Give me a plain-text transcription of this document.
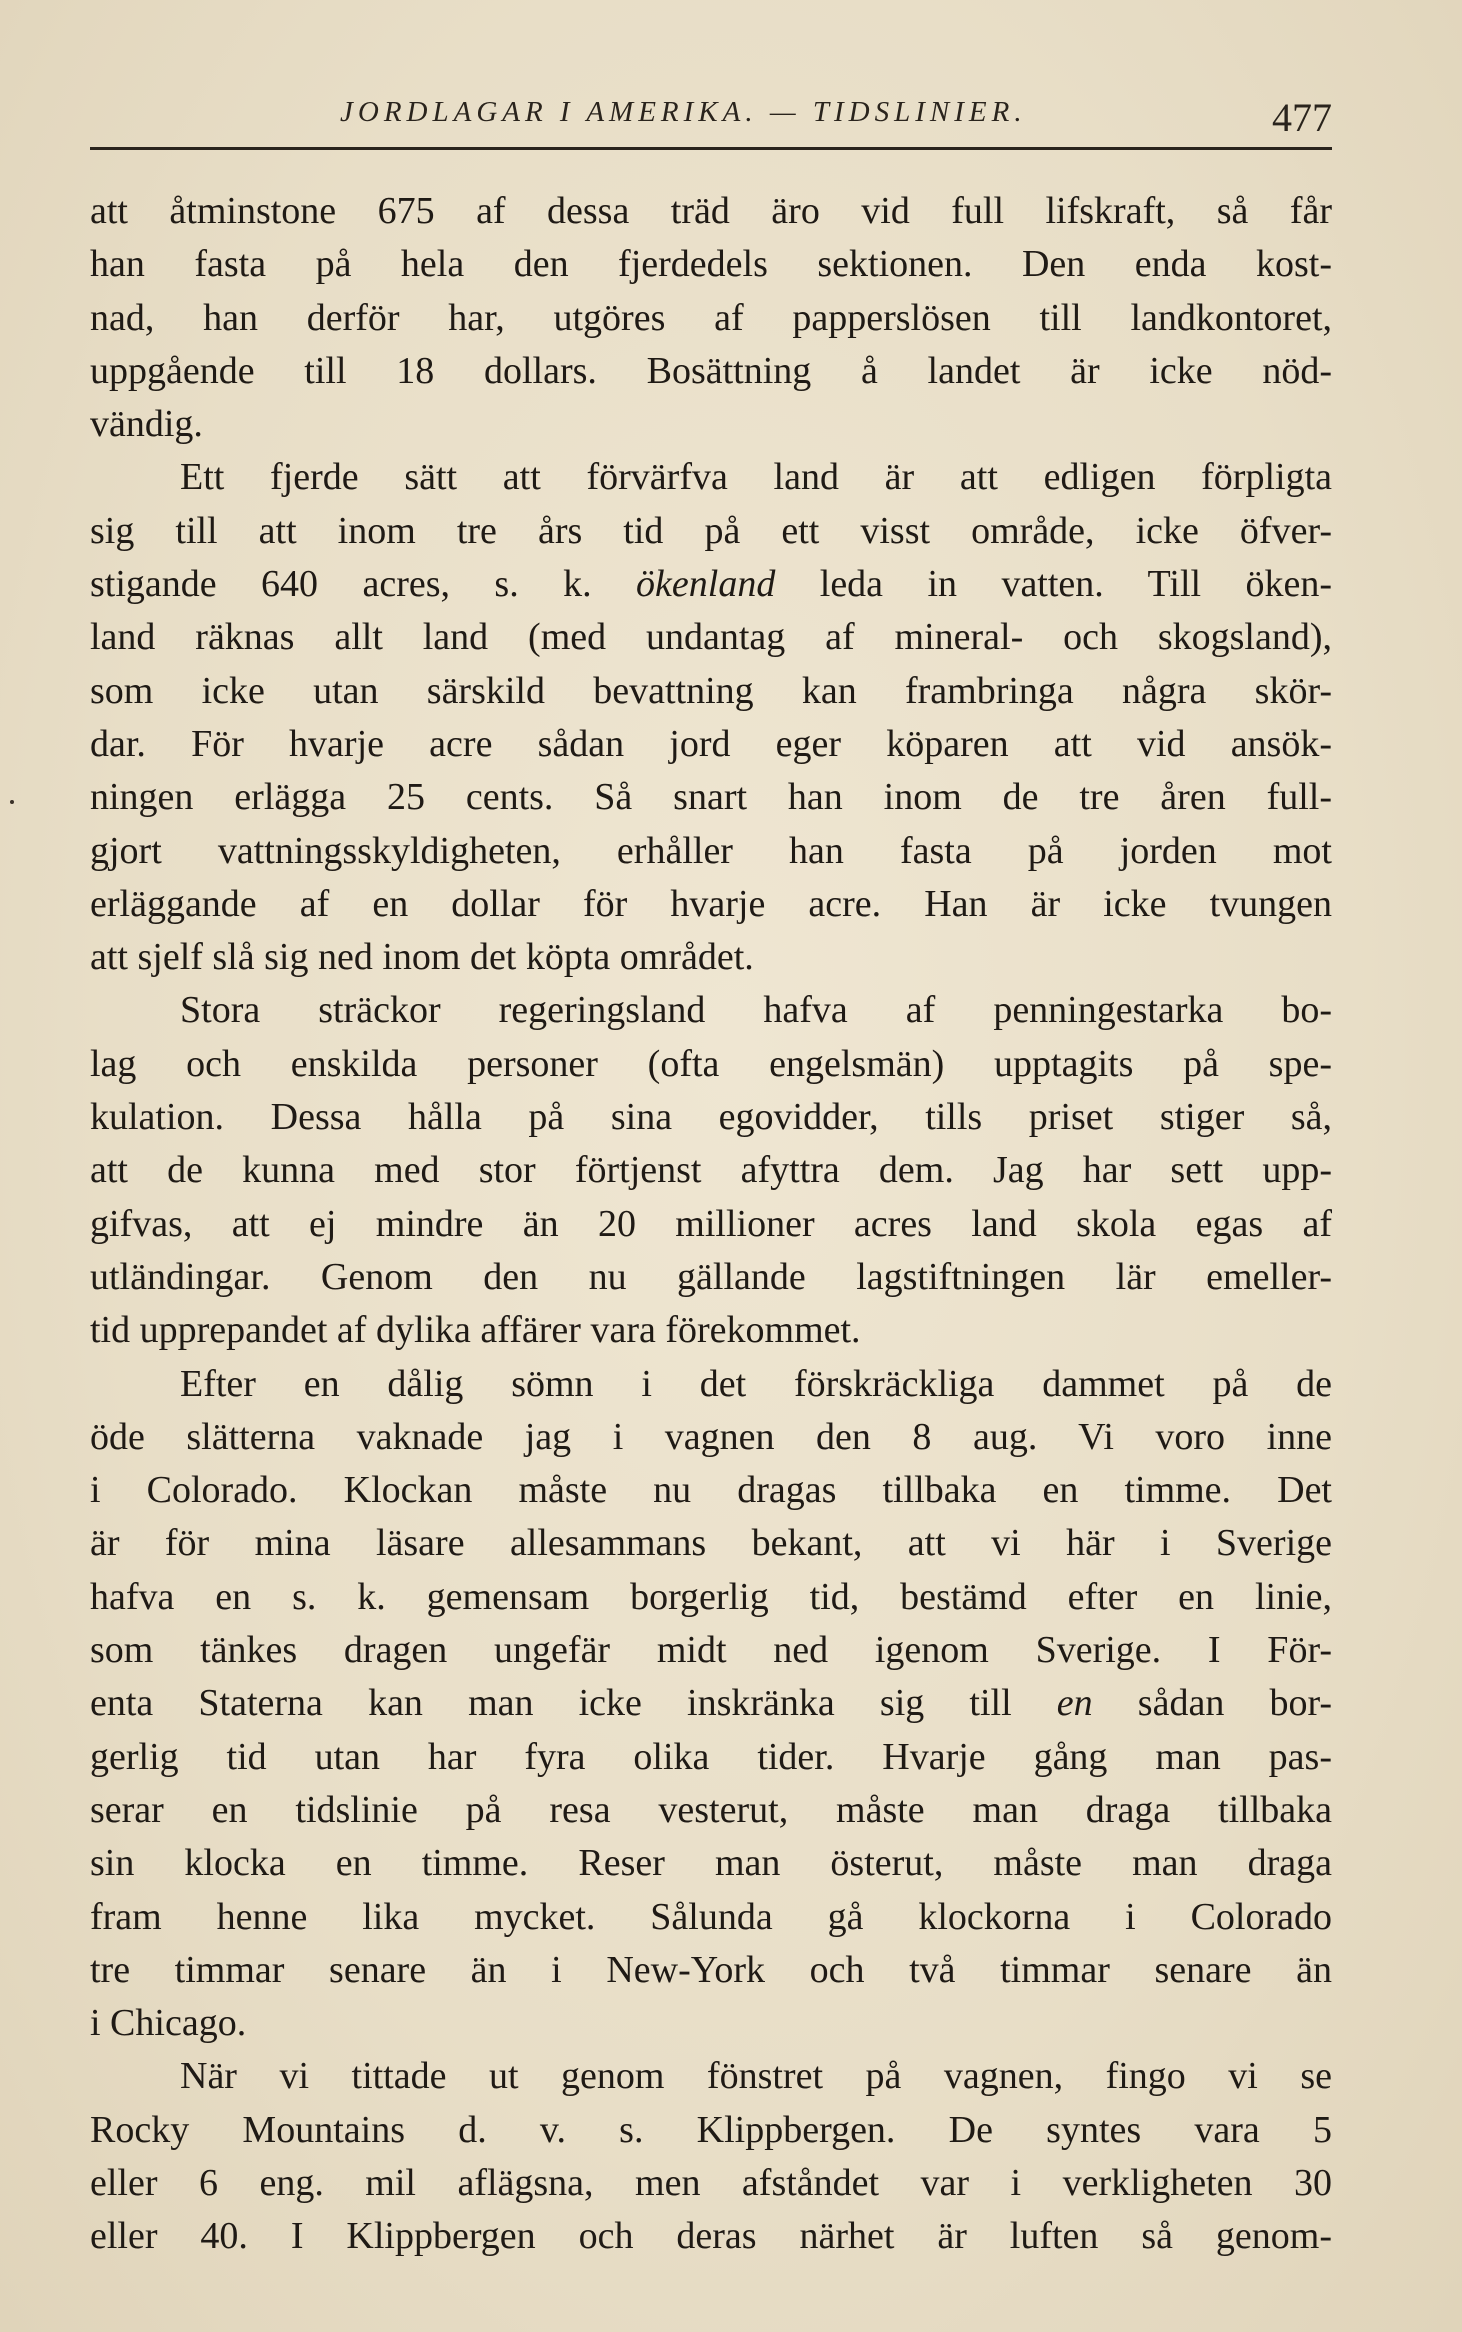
JORDLAGAR I AMERIKA. — TIDSLINIER.	477
att åtminstone 675 af dessa träd äro vid full lifskraft, så får
han fasta på hela den fjerdedels sektionen. Den enda kost-
nad, han derför har, utgöres af papperslösen till landkontoret,
uppgående till 18 dollars. Bosättning å landet är icke nöd-
vändig.
Ett fjerde sätt att förvärfva land är att edligen förpligta
sig till att inom tre års tid på ett visst område, icke öfver-
stigande 640 acres, s. k. ökenland leda in vatten. Till öken-
land räknas allt land (med undantag af mineral- och skogsland),
som icke utan särskild bevattning kan frambringa några skör-
dar. För hvarje acre sådan jord eger köparen att vid ansök-
ningen erlägga 25 cents. Så snart han inom de tre åren full-
gjort vattningsskyldigheten, erhåller han fasta på jorden mot
erläggande af en dollar för hvarje acre. Han är icke tvungen
att sjelf slå sig ned inom det köpta området.
Stora sträckor regeringsland hafva af penningestarka bo-
lag och enskilda personer (ofta engelsmän) upptagits på spe-
kulation. Dessa hålla på sina egovidder, tills priset stiger så,
att de kunna med stor förtjenst afyttra dem. Jag har sett upp-
gifvas, att ej mindre än 20 millioner acres land skola egas af
utländingar. Genom den nu gällande lagstiftningen lär emeller-
tid upprepandet af dylika affärer vara förekommet.
Efter en dålig sömn i det förskräckliga dammet på de
öde slätterna vaknade jag i vagnen den 8 aug. Vi voro inne
i Colorado. Klockan måste nu dragas tillbaka en timme. Det
är för mina läsare allesammans bekant, att vi här i Sverige
hafva en s. k. gemensam borgerlig tid, bestämd efter en linie,
som tänkes dragen ungefär midt ned igenom Sverige. I För-
enta Staterna kan man icke inskränka sig till en sådan bor-
gerlig tid utan har fyra olika tider. Hvarje gång man pas-
serar en tidslinie på resa vesterut, måste man draga tillbaka
sin klocka en timme. Reser man österut, måste man draga
fram henne lika mycket. Sålunda gå klockorna i Colorado
tre timmar senare än i New-York och två timmar senare än
i Chicago.
När vi tittade ut genom fönstret på vagnen, fingo vi se
Rocky Mountains d. v. s. Klippbergen. De syntes vara 5
eller 6 eng. mil aflägsna, men afståndet var i verkligheten 30
eller 40. I Klippbergen och deras närhet är luften så genom-
